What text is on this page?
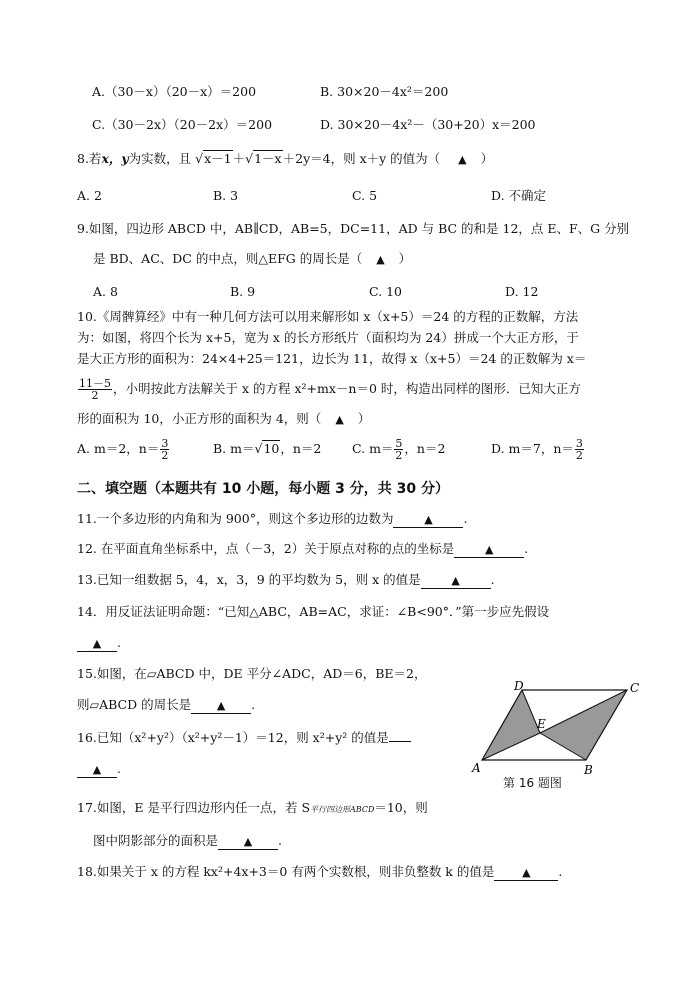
A.（30－x）（20－x）＝200	B. 30×20－4x²＝200
C.（30－2x）（20－2x）＝200	D. 30×20－4x²－（30+20）x＝200
8.若x，y为实数，且 √x－1＋√1－x＋2y＝4，则 x＋y 的值为（ ▲ ）
A. 2	B. 3	C. 5	D. 不确定
9.如图，四边形 ABCD 中，AB∥CD，AB=5，DC=11，AD 与 BC 的和是 12，点 E、F、G 分别
是 BD、AC、DC 的中点，则△EFG 的周长是（ ▲ ）
A. 8	B. 9	C. 10	D. 12
10.《周髀算经》中有一种几何方法可以用来解形如 x（x+5）＝24 的方程的正数解，方法
为：如图，将四个长为 x+5，宽为 x 的长方形纸片（面积均为 24）拼成一个大正方形，于
是大正方形的面积为：24×4+25＝121，边长为 11，故得 x（x+5）＝24 的正数解为 x＝
$\frac{11-5}{2}$ ，小明按此方法解关于 x 的方程 x²+mx－n＝0 时，构造出同样的图形．已知大正方
形的面积为 10，小正方形的面积为 4，则（ ▲ ）
A. m＝2，$n= \frac{3}{2}$	B. m＝√10，n＝2 C. $m= \frac{5}{2}$ ，n＝2	D. m＝7，$n= \frac{3}{2}$
二、填空题（本题共有 10 小题，每小题 3 分，共 30 分）
11.一个多边形的内角和为 900°，则这个多边形的边数为	▲ .
12. 在平面直角坐标系中，点（－3，2）关于原点对称的点的坐标是	▲ .
13.已知一组数据 5，4，x，3，9 的平均数为 5，则 x 的值是	▲ .
14．用反证法证明命题：“已知△ABC，AB=AC，求证：∠B<90°．”第一步应先假设
▲ .
15.如图，在▱ABCD 中，DE 平分∠ADC，AD＝6，BE＝2，
则▱ABCD 的周长是 ▲ .
16.已知（x²+y²）（x²+y²－1）＝12，则 x²+y² 的值是
▲ .
D	C
A	B
E
第 16 题图
17.如图，E 是平行四边形内任一点，若 S平行四边形ABCD＝10，则
图中阴影部分的面积是 ▲ .
18.如果关于 x 的方程 kx²+4x+3＝0 有两个实数根，则非负整数 k 的值是	▲ .
